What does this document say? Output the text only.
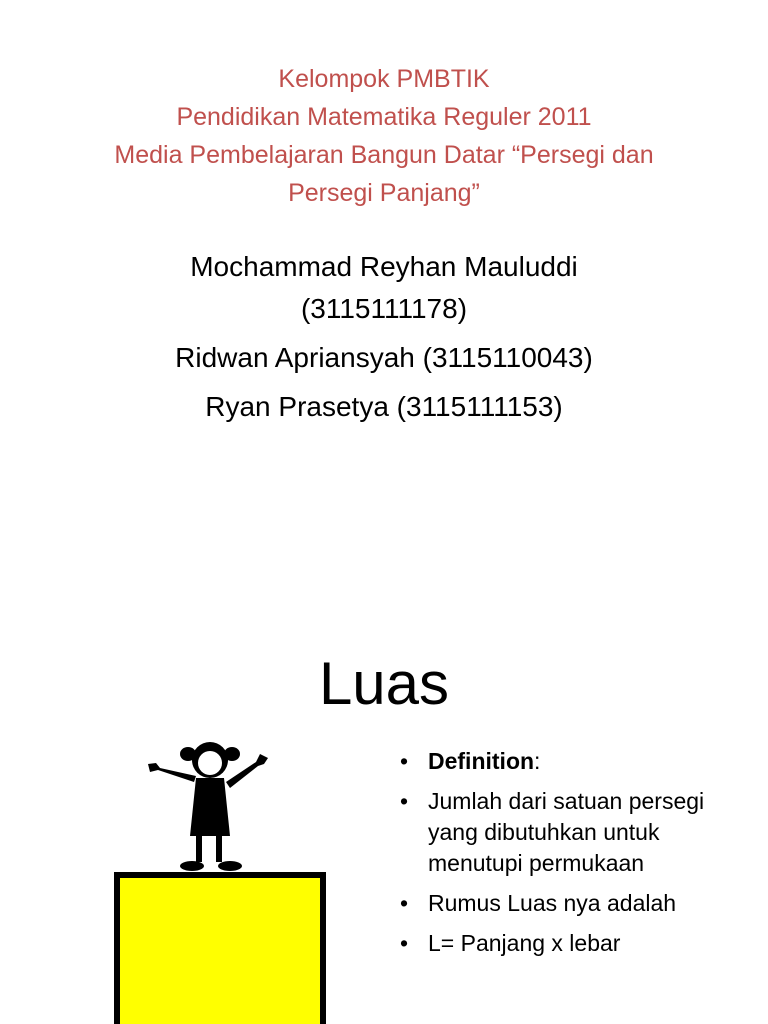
Kelompok PMBTIK
Pendidikan Matematika Reguler 2011
Media Pembelajaran Bangun Datar “Persegi dan
Persegi Panjang”
Mochammad Reyhan Mauluddi
(3115111178)
Ridwan Apriansyah (3115110043)
Ryan Prasetya (3115111153)
Luas
• Definition:
• Jumlah dari satuan persegi yang dibutuhkan untuk menutupi permukaan
• Rumus Luas nya adalah
• L= Panjang x lebar
